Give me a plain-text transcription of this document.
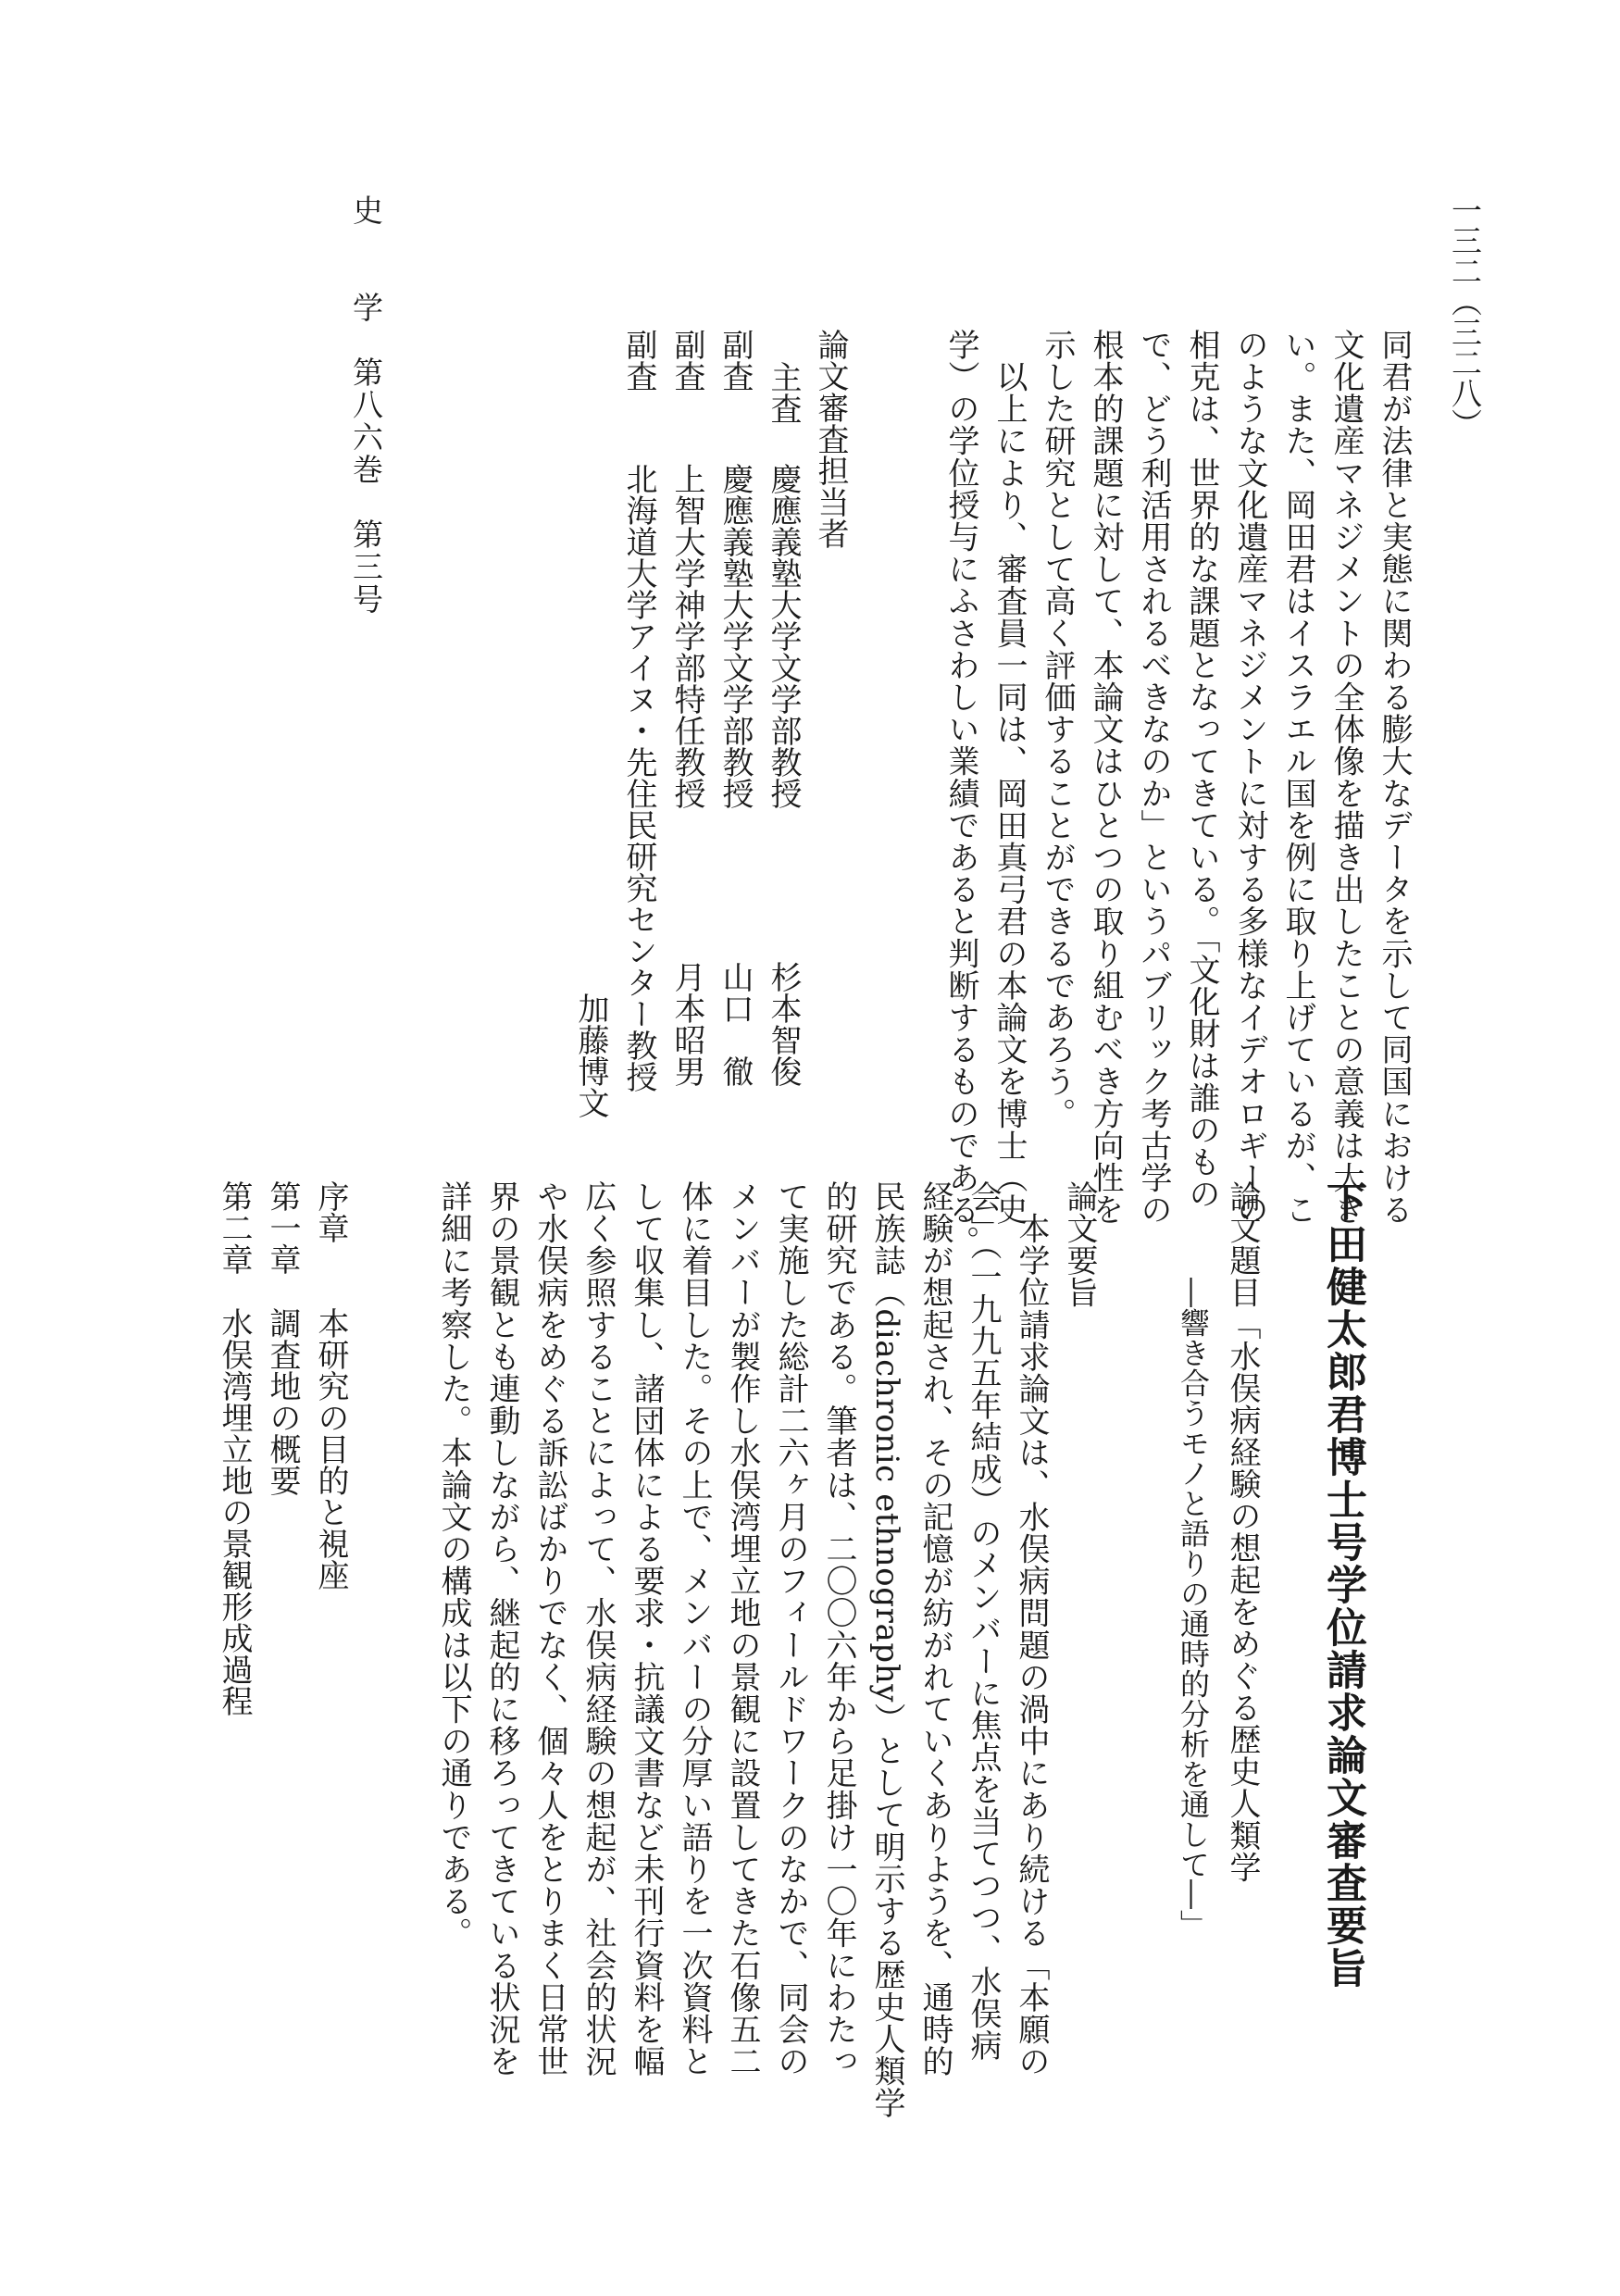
史　　学　第八六巻　第三号	一三二（三二八）

同君が法律と実態に関わる膨大なデータを示して同国における

文化遺産マネジメントの全体像を描き出したことの意義は大き

い。また、岡田君はイスラエル国を例に取り上げているが、こ

のような文化遺産マネジメントに対する多様なイデオロギーの

相克は、世界的な課題となってきている。「文化財は誰のもの

で、どう利活用されるべきなのか」というパブリック考古学の

根本的課題に対して、本論文はひとつの取り組むべき方向性を

示した研究として高く評価することができるであろう。

　以上により、審査員一同は、岡田真弓君の本論文を博士（史

学）の学位授与にふさわしい業績であると判断するものである。

論文審査担当者

主査

慶應義塾大学文学部教授

杉本智俊

副査

慶應義塾大学文学部教授

山口　徹

副査

上智大学神学部特任教授

月本昭男

副査

北海道大学アイヌ・先住民研究センター教授

加藤博文

下田健太郎君博士号学位請求論文審査要旨

論文題目「水俣病経験の想起をめぐる歴史人類学

―響き合うモノと語りの通時的分析を通して―」

論文要旨

　本学位請求論文は、水俣病問題の渦中にあり続ける「本願の

会」（一九九五年結成）のメンバーに焦点を当てつつ、水俣病

経験が想起され、その記憶が紡がれていくありようを、通時的

民族誌（diachronic ethnography）として明示する歴史人類学

的研究である。筆者は、二〇〇六年から足掛け一〇年にわたっ

て実施した総計二六ヶ月のフィールドワークのなかで、同会の

メンバーが製作し水俣湾埋立地の景観に設置してきた石像五二

体に着目した。その上で、メンバーの分厚い語りを一次資料と

して収集し、諸団体による要求・抗議文書など未刊行資料を幅

広く参照することによって、水俣病経験の想起が、社会的状況

や水俣病をめぐる訴訟ばかりでなく、個々人をとりまく日常世

界の景観とも連動しながら、継起的に移ろってきている状況を

詳細に考察した。本論文の構成は以下の通りである。

序章

本研究の目的と視座

第一章

調査地の概要

第二章

水俣湾埋立地の景観形成過程
